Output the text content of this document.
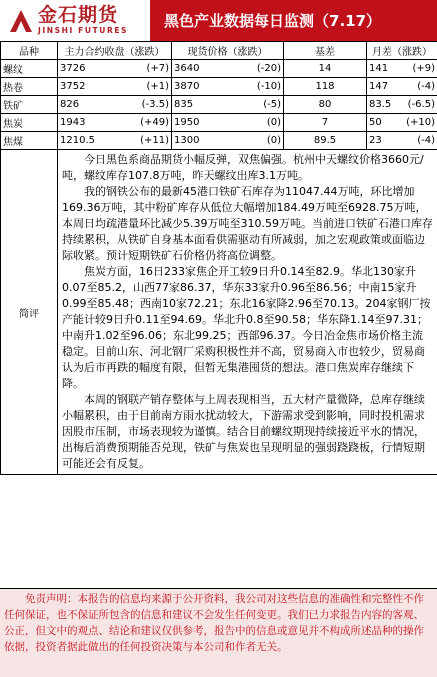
金石期货
JINSHI FUTURES
黑色产业数据每日监测（7.17）
品种	主力合约收盘（涨跌）	现货价格（涨跌）	基差	月差（涨跌）
螺纹	3726 (+7)	3640 (-20)	14	141 (+9)

热卷	3752 (+1)	3870 (-10)	118	147 (-4)

铁矿	826 (-3.5)	835 (-5)	80	83.5 (-6.5)

焦炭	1943 (+49)	1950 (0)	7	50 (+10)

焦煤	1210.5 (+11)	1300 (0)	89.5	23 (-4)

简评	今日黑色系商品期货小幅反弹，双焦偏强。杭州中天螺纹价格3660元/吨，螺纹库存107.8万吨，昨天螺纹出库3.1万吨。

我的钢铁公布的最新45港口铁矿石库存为11047.44万吨，环比增加169.36万吨，其中粉矿库存从低位大幅增加184.49万吨至6928.75万吨，本周日均疏港量环比减少5.39万吨至310.59万吨。当前进口铁矿石港口库存持续累积，从铁矿自身基本面看供需驱动有所减弱，加之宏观政策或面临边际收紧。预计短期铁矿石价格仍将高位调整。

焦炭方面，16日233家焦企开工较9日升0.14至82.9。华北130家升0.07至85.2，山西77家86.37，华东33家升0.96至86.56；中南15家升0.99至85.48；西南10家72.21；东北16家降2.96至70.13。204家钢厂按产能计较9日升0.11至94.69。华北升0.8至90.58；华东降1.14至97.31；中南升1.02至96.06；东北99.25；西部96.37。今日冶金焦市场价格主流稳定。目前山东、河北钢厂采购积极性并不高，贸易商入市也较少，贸易商认为后市再跌的幅度有限，但暂无集港囤货的想法。港口焦炭库存继续下降。

本周的钢联产销存整体与上周表现相当，五大材产量微降，总库存继续小幅累积，由于目前南方雨水扰动较大，下游需求受到影响，同时投机需求因股市压制，市场表现较为谨慎。结合目前螺纹期现持续接近平水的情况，出梅后消费预期能否兑现，铁矿与焦炭也呈现明显的强弱跷跷板，行情短期可能还会有反复。			

免责声明：本报告的信息均来源于公开资料，我公司对这些信息的准确性和完整性不作任何保证，也不保证所包含的信息和建议不会发生任何变更。我们已力求报告内容的客观、公正，但文中的观点、结论和建议仅供参考，报告中的信息或意见并不构成所述品种的操作依据，投资者据此做出的任何投资决策与本公司和作者无关。
